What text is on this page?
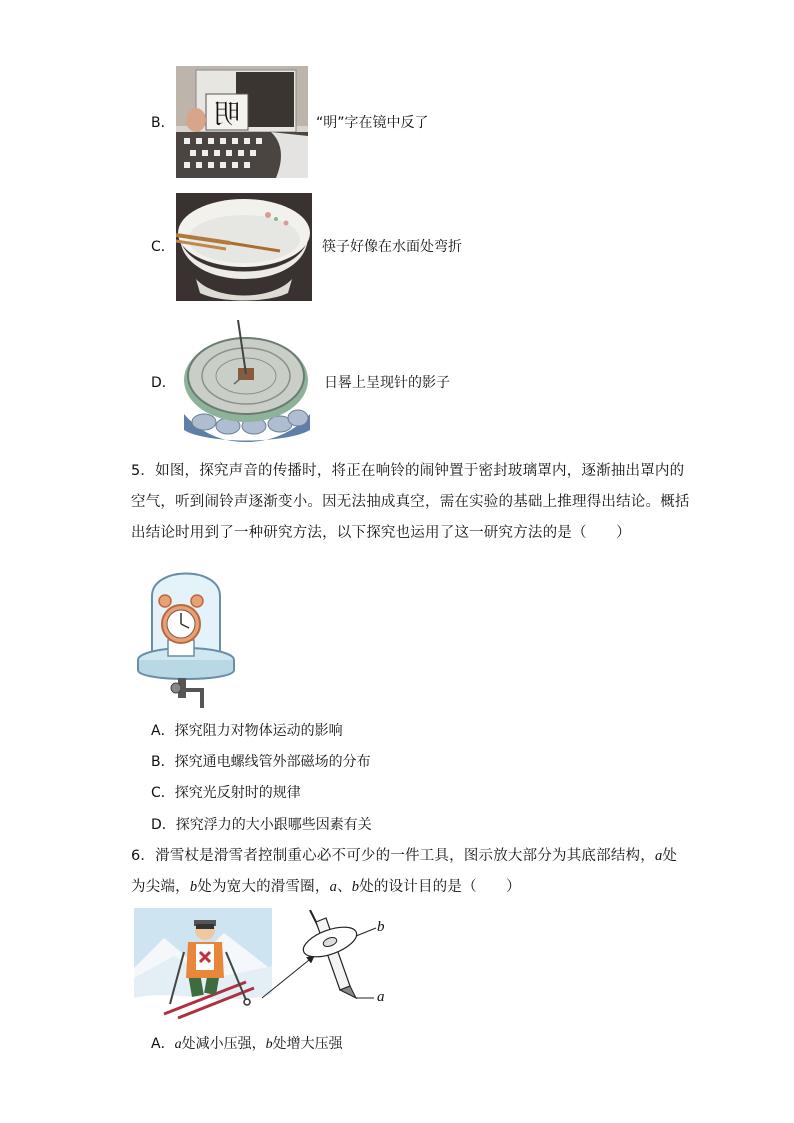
B． 明	“明”字在镜中反了
C．	筷子好像在水面处弯折
D．	日晷上呈现针的影子
5．如图，探究声音的传播时，将正在响铃的闹钟置于密封玻璃罩内，逐渐抽出罩内的
空气，听到闹铃声逐渐变小。因无法抽成真空，需在实验的基础上推理得出结论。概括
出结论时用到了一种研究方法，以下探究也运用了这一研究方法的是（　　）
A．探究阻力对物体运动的影响
B．探究通电螺线管外部磁场的分布
C．探究光反射时的规律
D．探究浮力的大小跟哪些因素有关
6．滑雪杖是滑雪者控制重心必不可少的一件工具，图示放大部分为其底部结构，a处
为尖端，b处为宽大的滑雪圈，a、b处的设计目的是（　　）
b
a
A．a处减小压强，b处增大压强
